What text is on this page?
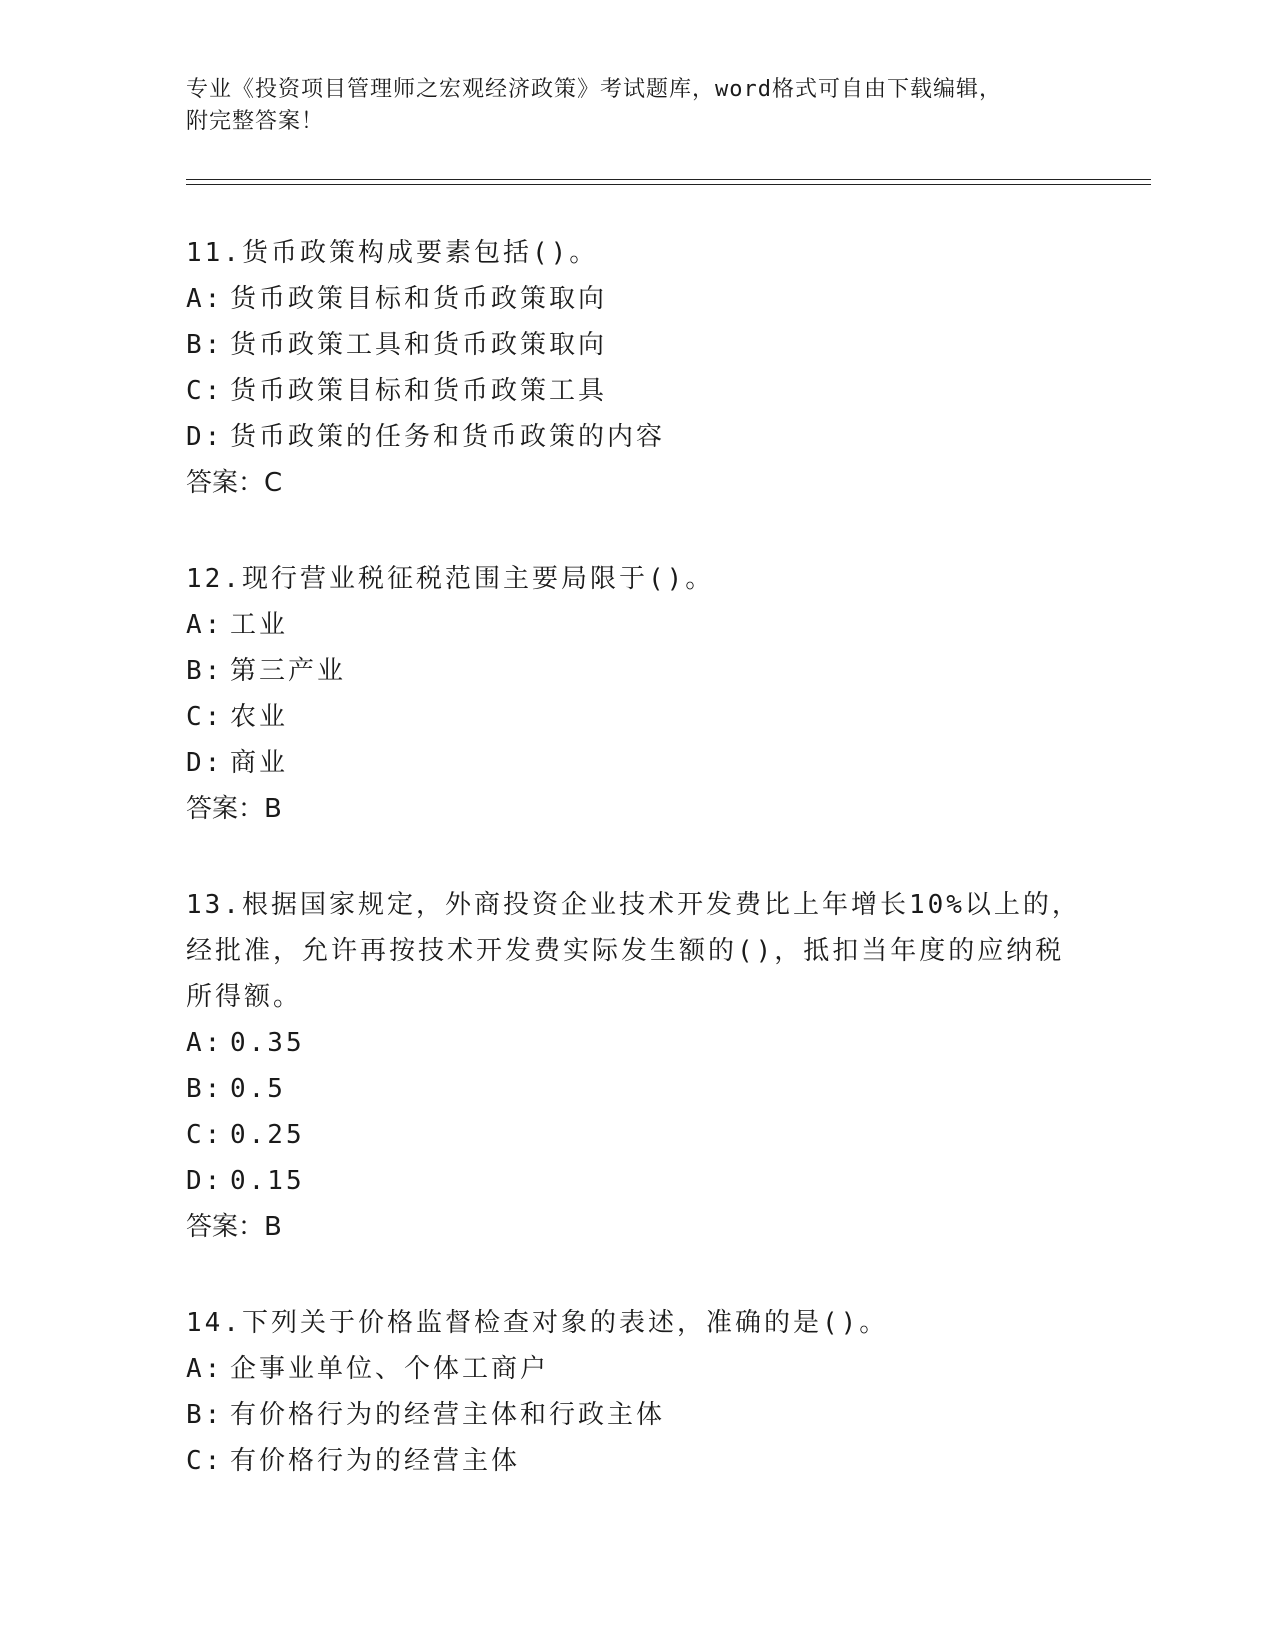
专业《投资项目管理师之宏观经济政策》考试题库，word格式可自由下载编辑，
附完整答案！

11.货币政策构成要素包括()。

A: 货币政策目标和货币政策取向

B: 货币政策工具和货币政策取向

C: 货币政策目标和货币政策工具

D: 货币政策的任务和货币政策的内容

答案：C

12.现行营业税征税范围主要局限于()。

A: 工业

B: 第三产业

C: 农业

D: 商业

答案：B

13.根据国家规定，外商投资企业技术开发费比上年增长10%以上的，经批准，允许再按技术开发费实际发生额的()，抵扣当年度的应纳税所得额。

A: 0.35

B: 0.5

C: 0.25

D: 0.15

答案：B

14.下列关于价格监督检查对象的表述，准确的是()。

A: 企事业单位、个体工商户

B: 有价格行为的经营主体和行政主体

C: 有价格行为的经营主体
